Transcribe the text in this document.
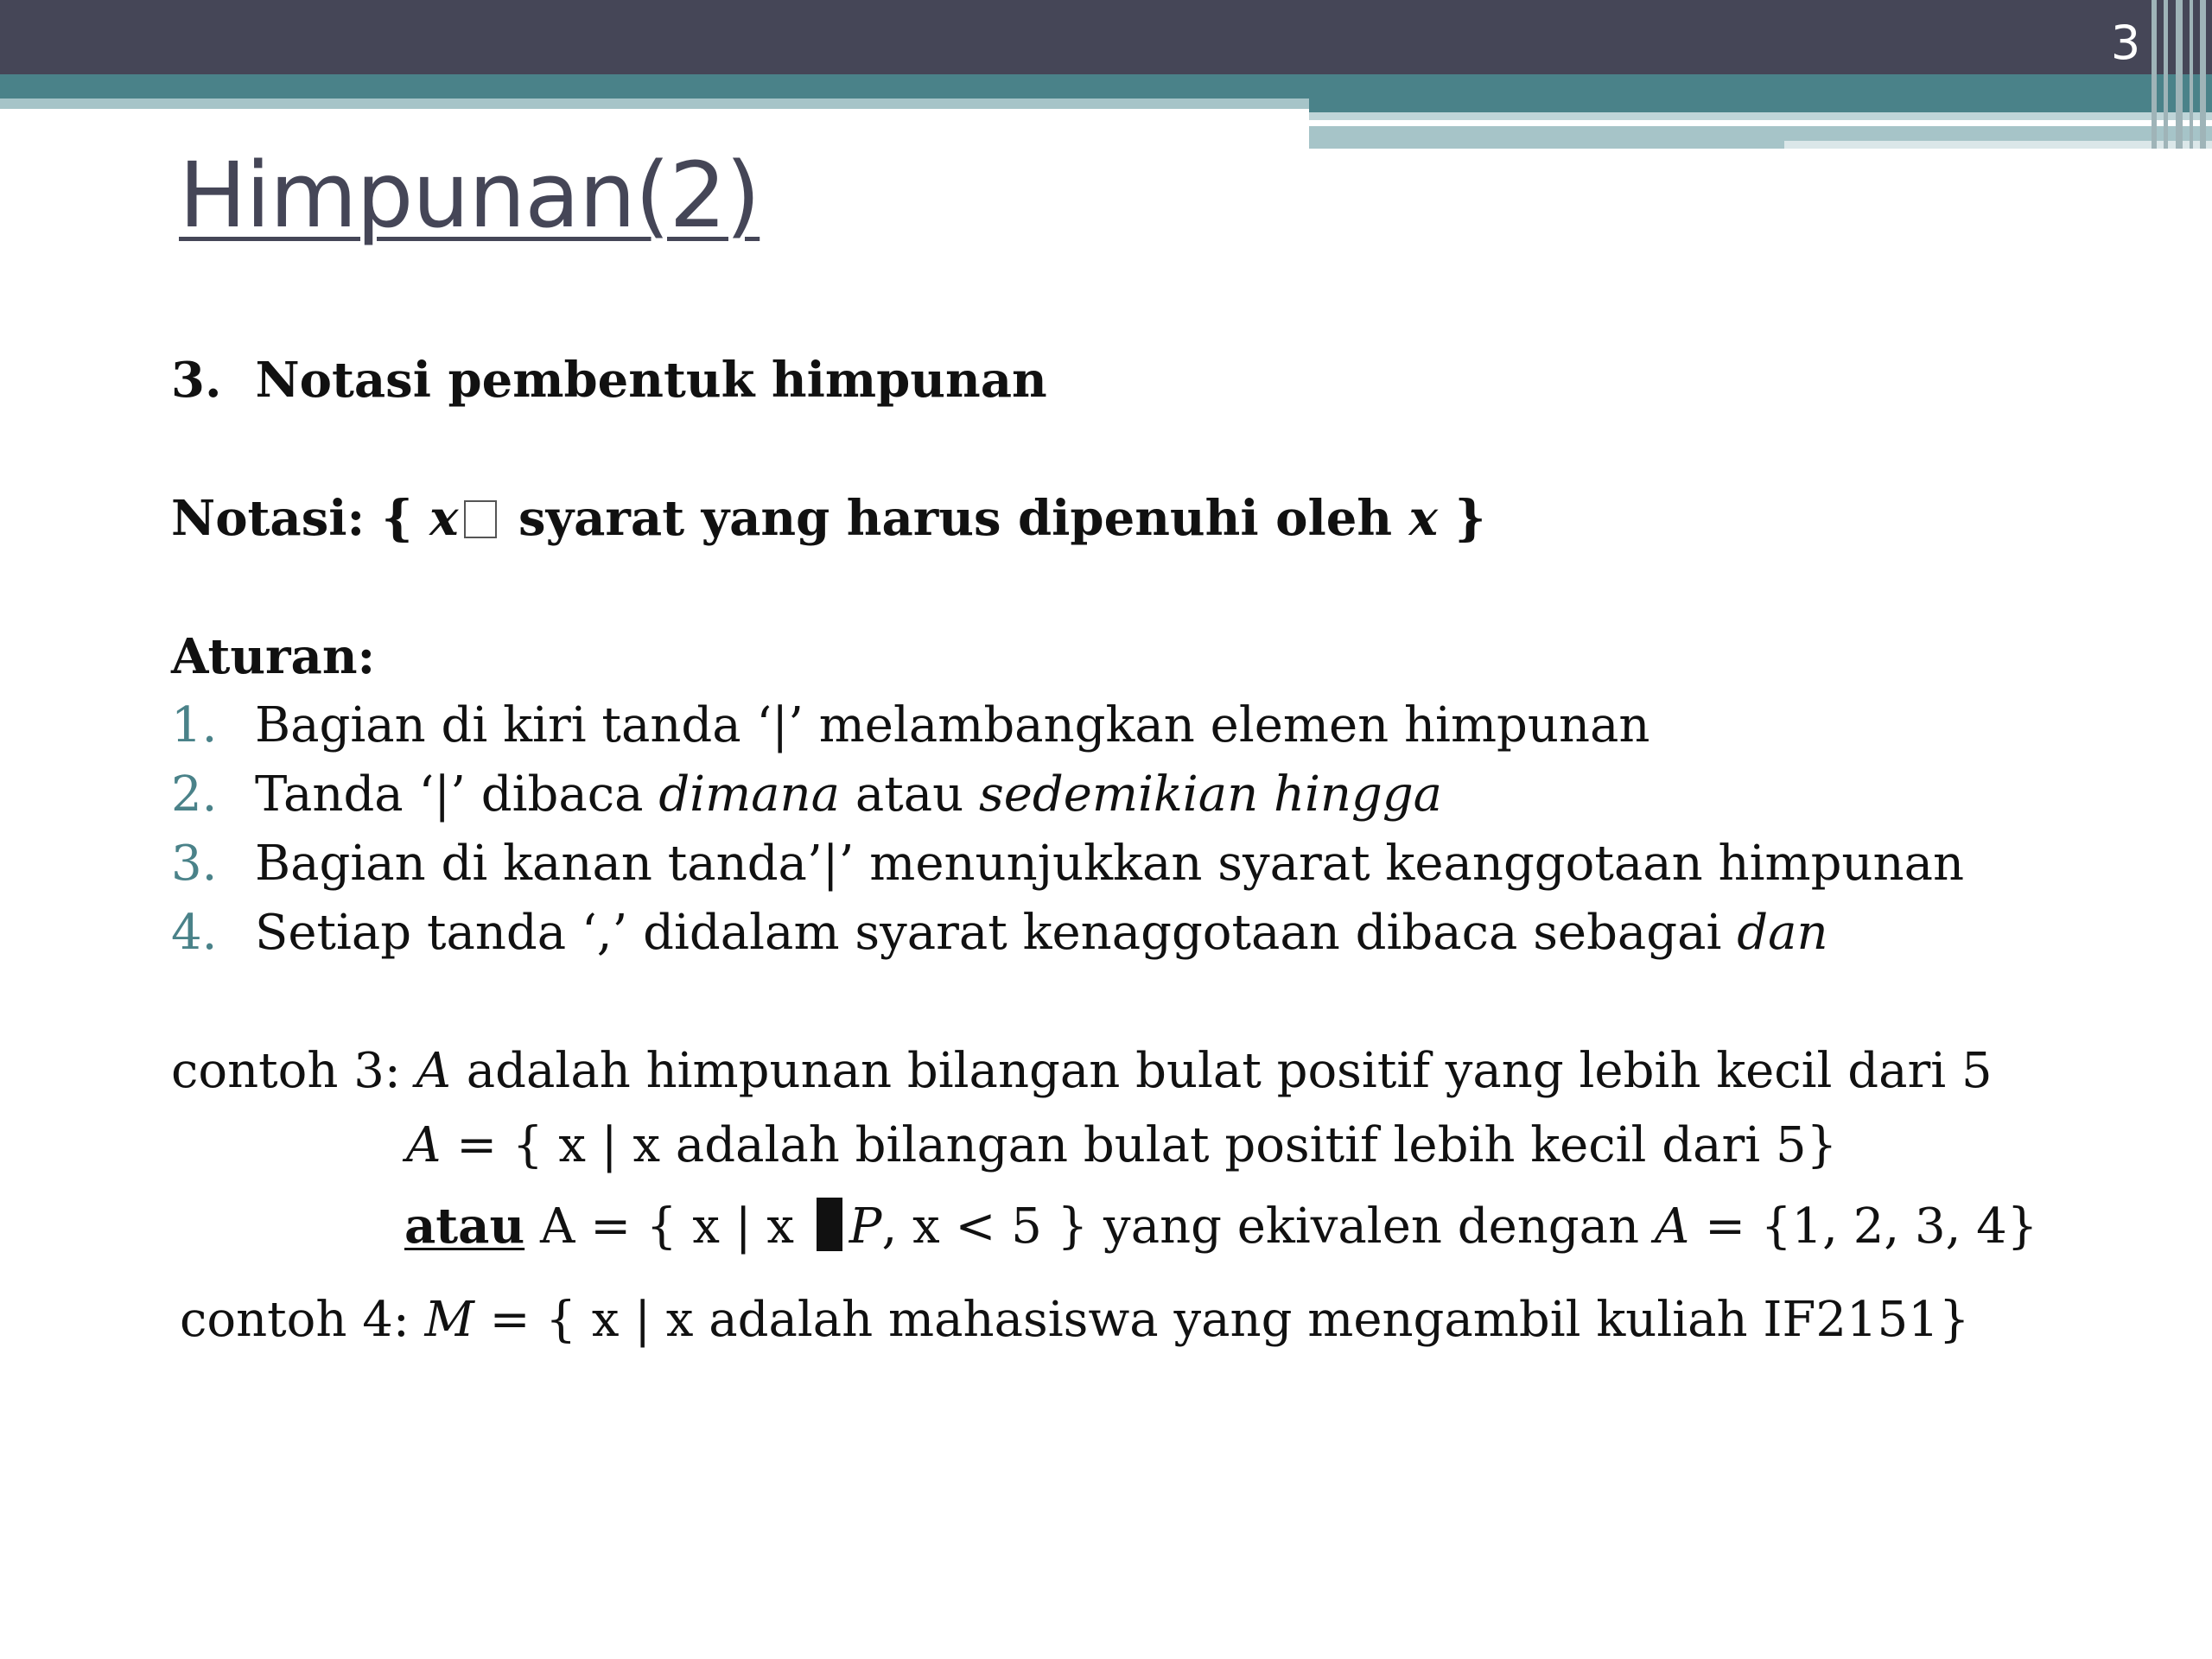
3
Himpunan(2)
3. Notasi pembentuk himpunan
Notasi: { x syarat yang harus dipenuhi oleh x }
Aturan:
1. Bagian di kiri tanda ‘|’ melambangkan elemen himpunan
2. Tanda ‘|’ dibaca dimana atau sedemikian hingga
3. Bagian di kanan tanda’|’ menunjukkan syarat keanggotaan himpunan
4. Setiap tanda ‘,’ didalam syarat kenaggotaan dibaca sebagai dan
contoh 3: A adalah himpunan bilangan bulat positif yang lebih kecil dari 5
A = { x | x adalah bilangan bulat positif lebih kecil dari 5}
atau A = { x | x P, x < 5 } yang ekivalen dengan A = {1, 2, 3, 4}
contoh 4: M = { x | x adalah mahasiswa yang mengambil kuliah IF2151}
